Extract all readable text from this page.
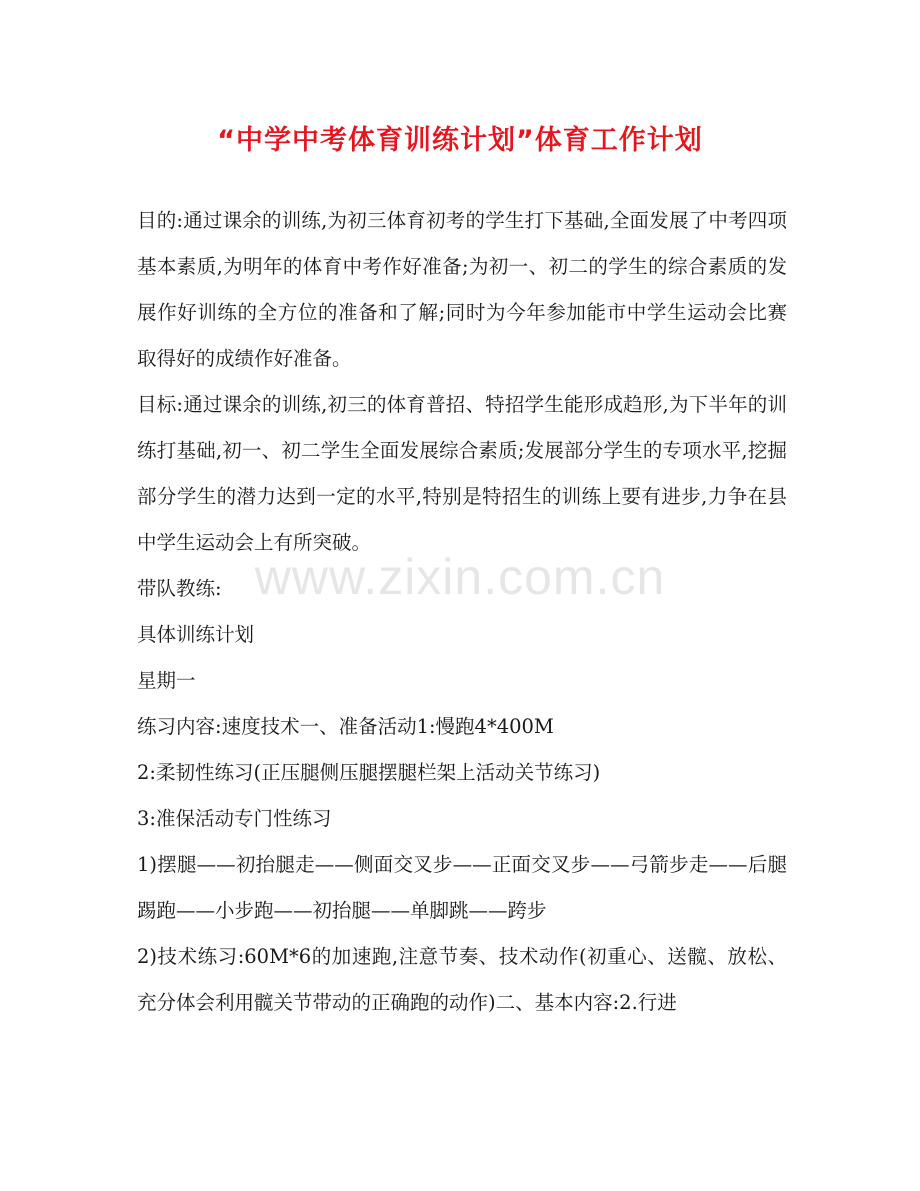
“中学中考体育训练计划”体育工作计划

目的:通过课余的训练,为初三体育初考的学生打下基础,全面发展了中考四项基本素质,为明年的体育中考作好准备;为初一、初二的学生的综合素质的发展作好训练的全方位的准备和了解;同时为今年参加能市中学生运动会比赛取得好的成绩作好准备。

目标:通过课余的训练,初三的体育普招、特招学生能形成趋形,为下半年的训练打基础,初一、初二学生全面发展综合素质;发展部分学生的专项水平,挖掘部分学生的潜力达到一定的水平,特别是特招生的训练上要有进步,力争在县中学生运动会上有所突破。

带队教练:

具体训练计划

星期一

练习内容:速度技术一、准备活动1:慢跑4*400M

2:柔韧性练习(正压腿侧压腿摆腿栏架上活动关节练习)

3:准保活动专门性练习

1)摆腿——初抬腿走——侧面交叉步——正面交叉步——弓箭步走——后腿踢跑——小步跑——初抬腿——单脚跳——跨步

2)技术练习:60M*6的加速跑,注意节奏、技术动作(初重心、送髋、放松、充分体会利用髋关节带动的正确跑的动作)二、基本内容:2.行进

www.zixin.com.cn
